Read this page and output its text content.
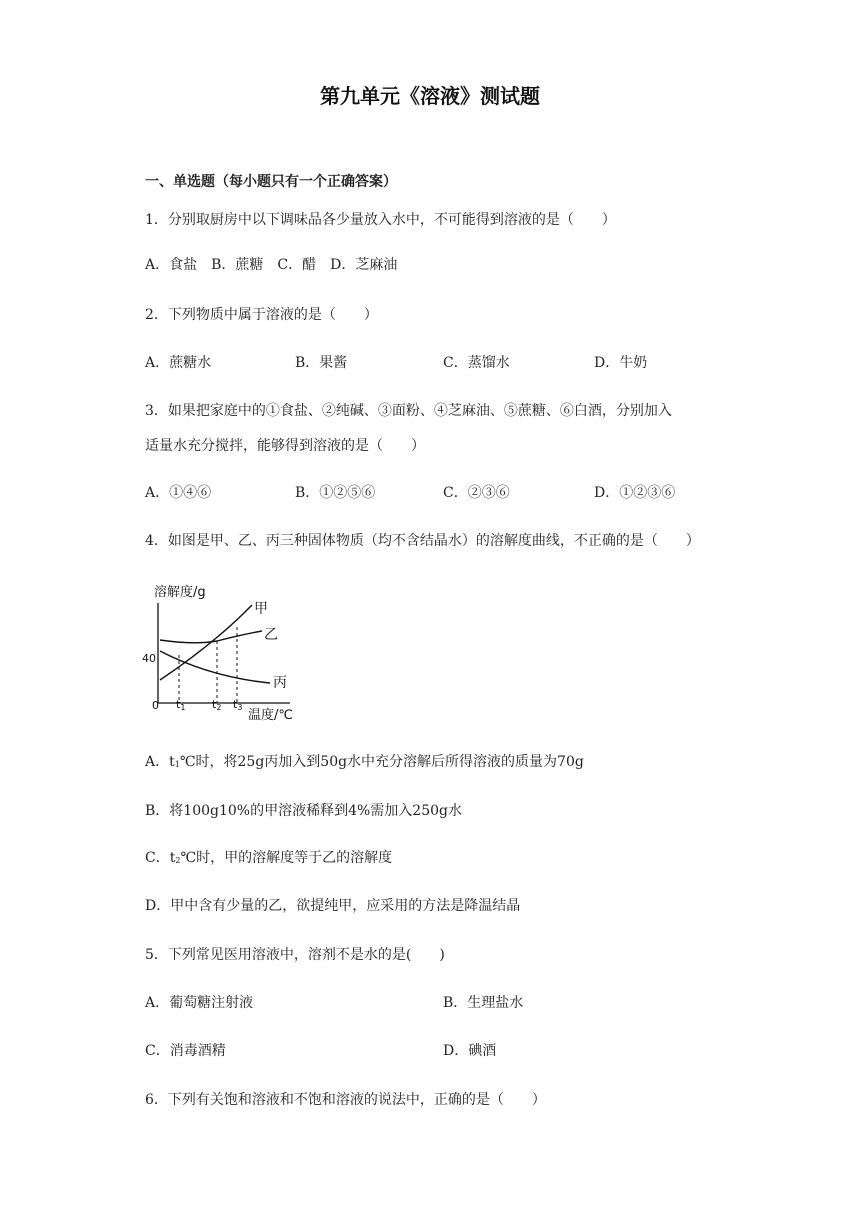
第九单元《溶液》测试题
一、单选题（每小题只有一个正确答案）
1．分别取厨房中以下调味品各少量放入水中，不可能得到溶液的是（　　）
A．食盐　B．蔗糖　C．醋　D．芝麻油
2．下列物质中属于溶液的是（　　）
A．蔗糖水	B．果酱	C．蒸馏水	D．牛奶
3．如果把家庭中的①食盐、②纯碱、③面粉、④芝麻油、⑤蔗糖、⑥白酒，分别加入
适量水充分搅拌，能够得到溶液的是（　　）
A．①④⑥	B．①②⑤⑥	C．②③⑥	D．①②③⑥
4．如图是甲、乙、丙三种固体物质（均不含结晶水）的溶解度曲线，不正确的是（　　）
溶解度/g
温度/℃
0
40
t1 t2 t3
甲
乙
丙
A．$t_1℃$时，将25g丙加入到50g水中充分溶解后所得溶液的质量为70g
B．将100g10%的甲溶液稀释到4%需加入250g水
C．$t_2℃$时，甲的溶解度等于乙的溶解度
D．甲中含有少量的乙，欲提纯甲，应采用的方法是降温结晶
5．下列常见医用溶液中，溶剂不是水的是(　　)
A．葡萄糖注射液	B．生理盐水
C．消毒酒精	D．碘酒
6．下列有关饱和溶液和不饱和溶液的说法中，正确的是（　　）
